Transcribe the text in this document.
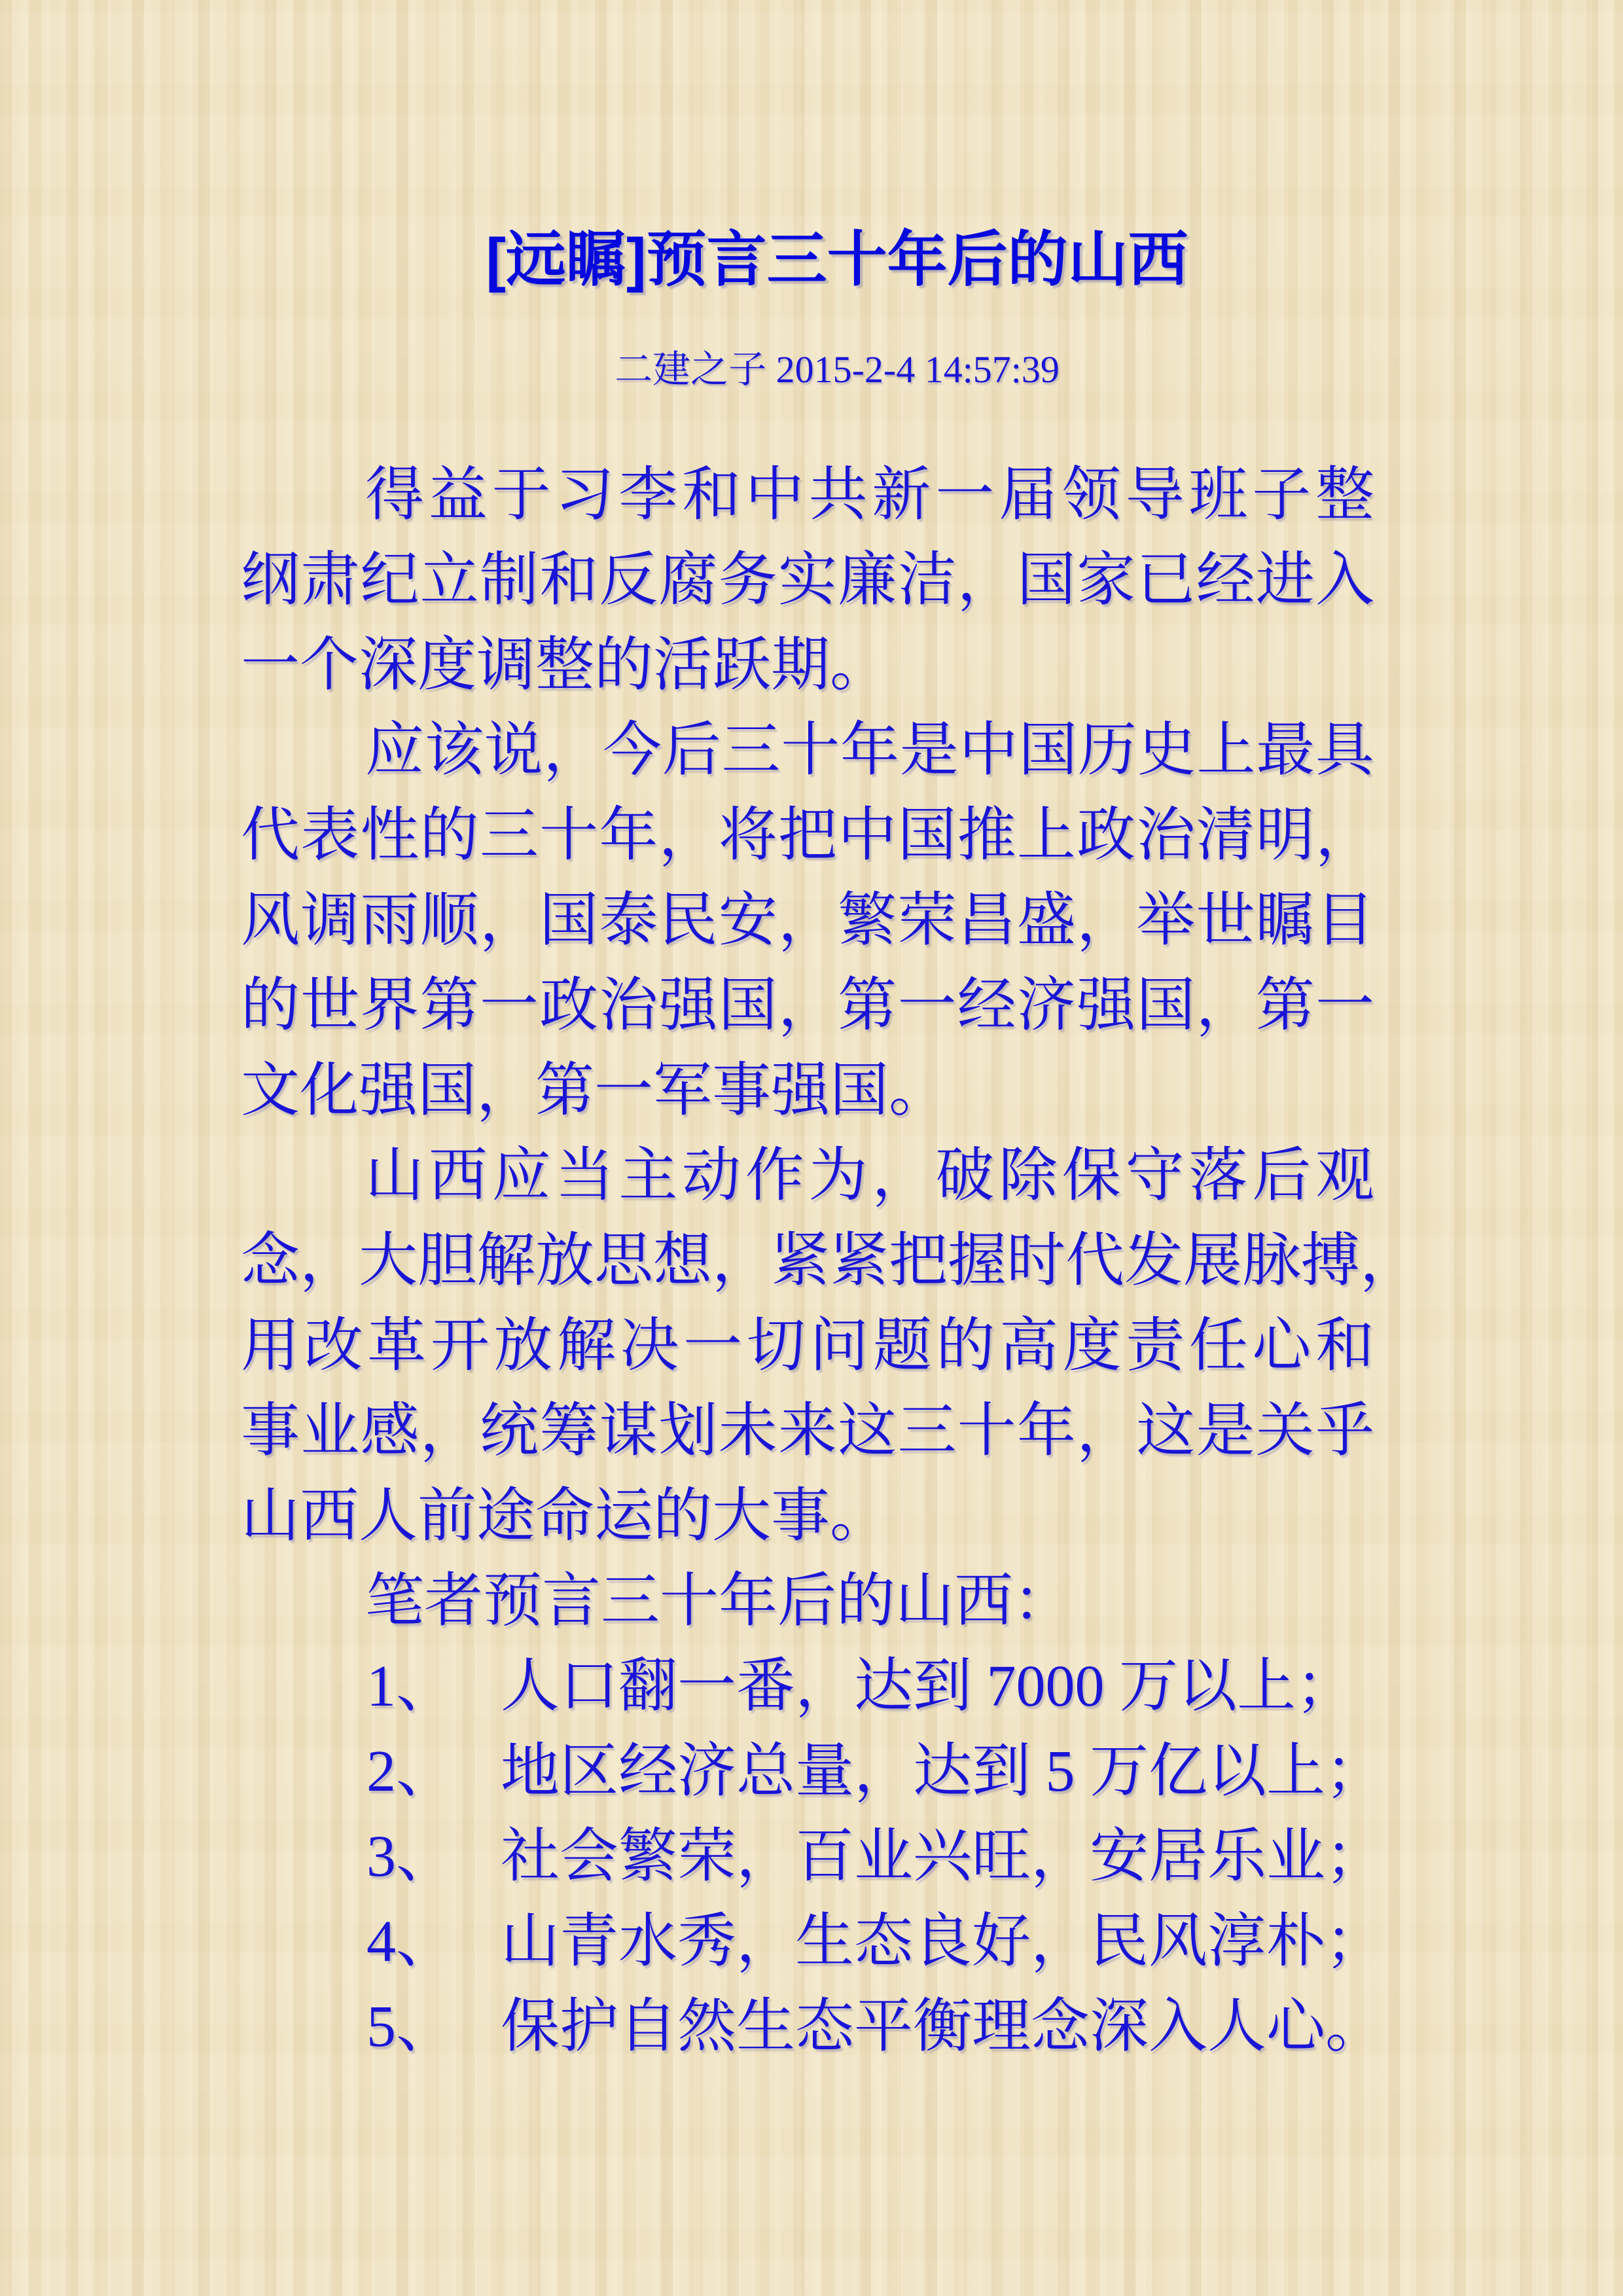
[远瞩]预言三十年后的山西
二建之子 2015-2-4 14:57:39
得益于习李和中共新一届领导班子整
纲肃纪立制和反腐务实廉洁，国家已经进入
一个深度调整的活跃期。
应该说，今后三十年是中国历史上最具
代表性的三十年，将把中国推上政治清明，
风调雨顺，国泰民安，繁荣昌盛，举世瞩目
的世界第一政治强国，第一经济强国，第一
文化强国，第一军事强国。
山西应当主动作为，破除保守落后观
念，大胆解放思想，紧紧把握时代发展脉搏，
用改革开放解决一切问题的高度责任心和
事业感，统筹谋划未来这三十年，这是关乎
山西人前途命运的大事。
笔者预言三十年后的山西：
1、 人口翻一番，达到 7000 万以上；
2、 地区经济总量，达到 5 万亿以上；
3、 社会繁荣，百业兴旺，安居乐业；
4、 山青水秀，生态良好，民风淳朴；
5、 保护自然生态平衡理念深入人心。
